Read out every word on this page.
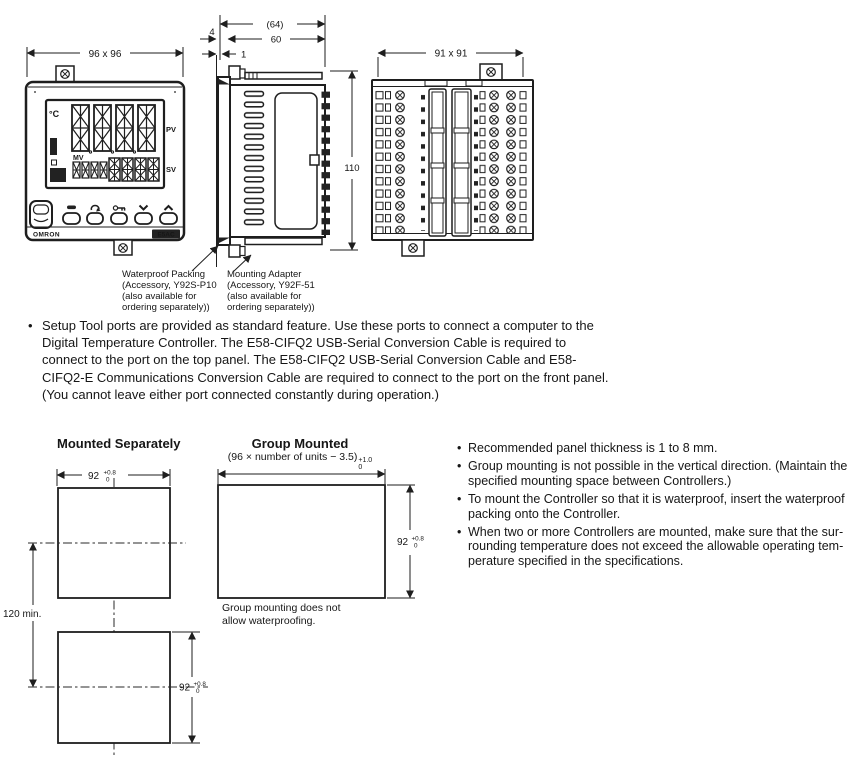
96 x 96
°C
PV
MV
SV
OMRON	E5AC
(64)
60
4
1
110
91 x 91
Waterproof Packing
(Accessory, Y92S-P10
(also available for
ordering separately))
Mounting Adapter
(Accessory, Y92F-51
(also available for
ordering separately))
• Setup Tool ports are provided as standard feature. Use these ports to connect a computer to the
Digital Temperature Controller. The E58-CIFQ2 USB-Serial Conversion Cable is required to
connect to the port on the top panel. The E58-CIFQ2 USB-Serial Conversion Cable and E58-
CIFQ2-E Communications Conversion Cable are required to connect to the port on the front panel.
(You cannot leave either port connected constantly during operation.)
Mounted Separately
92 +0.8
0
120 min.
92 +0.8
0
Group Mounted
(96 × number of units − 3.5) +1.0
0
92 +0.8
0
Group mounting does not
allow waterproofing.
• Recommended panel thickness is 1 to 8 mm.
• Group mounting is not possible in the vertical direction. (Maintain the
specified mounting space between Controllers.)
• To mount the Controller so that it is waterproof, insert the waterproof
packing onto the Controller.
• When two or more Controllers are mounted, make sure that the sur-
rounding temperature does not exceed the allowable operating tem-
perature specified in the specifications.
